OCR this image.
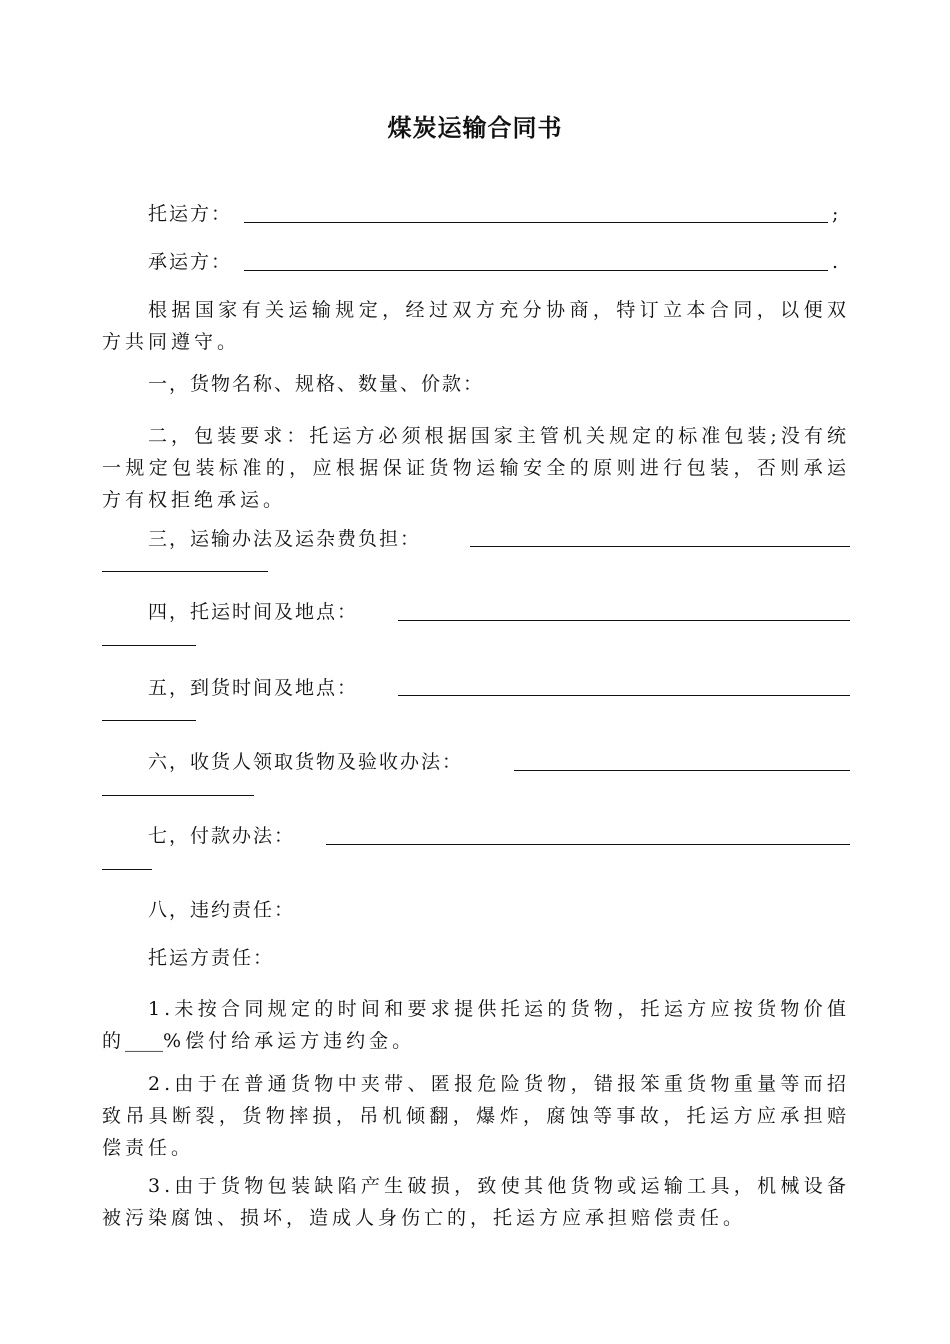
煤炭运输合同书
托运方：	;
承运方：	.

根据国家有关运输规定，经过双方充分协商，特订立本合同，以便双方共同遵守。

一，货物名称、规格、数量、价款：

二，包装要求：托运方必须根据国家主管机关规定的标准包装;没有统一规定包装标准的，应根据保证货物运输安全的原则进行包装，否则承运方有权拒绝承运。

三，运输办法及运杂费负担：
四，托运时间及地点：
五，到货时间及地点：
六，收货人领取货物及验收办法：
七，付款办法：
八，违约责任：
托运方责任：

1.未按合同规定的时间和要求提供托运的货物，托运方应按货物价值的____%偿付给承运方违约金。

2.由于在普通货物中夹带、匿报危险货物，错报笨重货物重量等而招致吊具断裂，货物摔损，吊机倾翻，爆炸，腐蚀等事故，托运方应承担赔偿责任。

3.由于货物包装缺陷产生破损，致使其他货物或运输工具，机械设备被污染腐蚀、损坏，造成人身伤亡的，托运方应承担赔偿责任。
